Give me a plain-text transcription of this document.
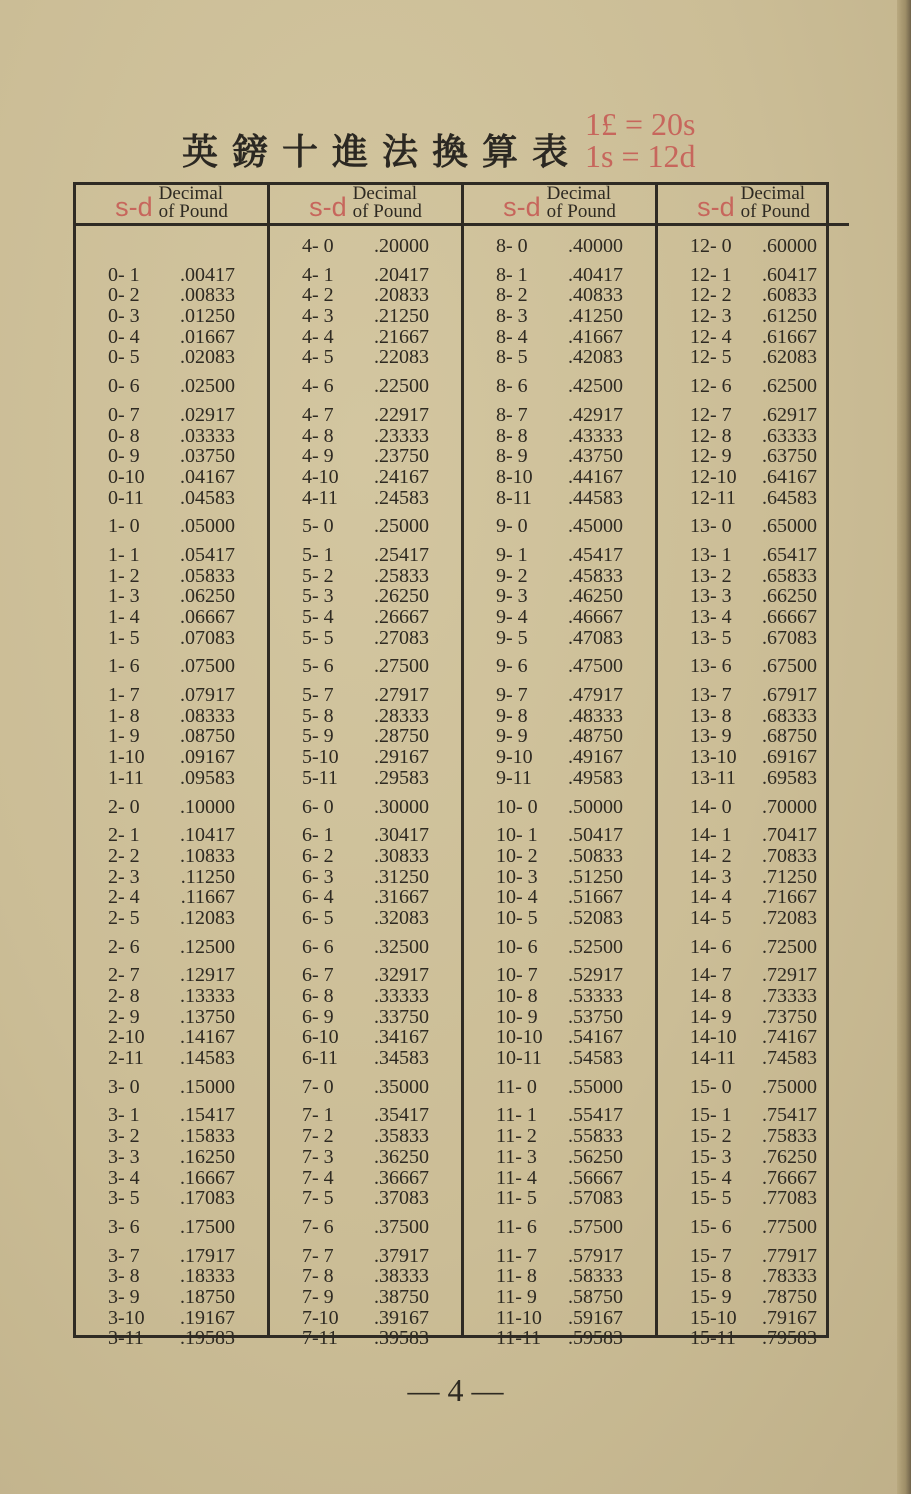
英鎊十進法換算表
1£ = 20s
1s = 12d
s-d Decimal
of Pound
0- 1	.00417
0- 2	.00833
0- 3	.01250
0- 4	.01667
0- 5	.02083
0- 6	.02500
0- 7	.02917
0- 8	.03333
0- 9	.03750
0-10	.04167
0-11	.04583
1- 0	.05000
1- 1	.05417
1- 2	.05833
1- 3	.06250
1- 4	.06667
1- 5	.07083
1- 6	.07500
1- 7	.07917
1- 8	.08333
1- 9	.08750
1-10	.09167
1-11	.09583
2- 0	.10000
2- 1	.10417
2- 2	.10833
2- 3	.11250
2- 4	.11667
2- 5	.12083
2- 6	.12500
2- 7	.12917
2- 8	.13333
2- 9	.13750
2-10	.14167
2-11	.14583
3- 0	.15000
3- 1	.15417
3- 2	.15833
3- 3	.16250
3- 4	.16667
3- 5	.17083
3- 6	.17500
3- 7	.17917
3- 8	.18333
3- 9	.18750
3-10	.19167
3-11	.19583
s-d Decimal
of Pound
4- 0	.20000
4- 1	.20417
4- 2	.20833
4- 3	.21250
4- 4	.21667
4- 5	.22083
4- 6	.22500
4- 7	.22917
4- 8	.23333
4- 9	.23750
4-10	.24167
4-11	.24583
5- 0	.25000
5- 1	.25417
5- 2	.25833
5- 3	.26250
5- 4	.26667
5- 5	.27083
5- 6	.27500
5- 7	.27917
5- 8	.28333
5- 9	.28750
5-10	.29167
5-11	.29583
6- 0	.30000
6- 1	.30417
6- 2	.30833
6- 3	.31250
6- 4	.31667
6- 5	.32083
6- 6	.32500
6- 7	.32917
6- 8	.33333
6- 9	.33750
6-10	.34167
6-11	.34583
7- 0	.35000
7- 1	.35417
7- 2	.35833
7- 3	.36250
7- 4	.36667
7- 5	.37083
7- 6	.37500
7- 7	.37917
7- 8	.38333
7- 9	.38750
7-10	.39167
7-11	.39583
s-d Decimal
of Pound
8- 0	.40000
8- 1	.40417
8- 2	.40833
8- 3	.41250
8- 4	.41667
8- 5	.42083
8- 6	.42500
8- 7	.42917
8- 8	.43333
8- 9	.43750
8-10	.44167
8-11	.44583
9- 0	.45000
9- 1	.45417
9- 2	.45833
9- 3	.46250
9- 4	.46667
9- 5	.47083
9- 6	.47500
9- 7	.47917
9- 8	.48333
9- 9	.48750
9-10	.49167
9-11	.49583
10- 0	.50000
10- 1	.50417
10- 2	.50833
10- 3	.51250
10- 4	.51667
10- 5	.52083
10- 6	.52500
10- 7	.52917
10- 8	.53333
10- 9	.53750
10-10	.54167
10-11	.54583
11- 0	.55000
11- 1	.55417
11- 2	.55833
11- 3	.56250
11- 4	.56667
11- 5	.57083
11- 6	.57500
11- 7	.57917
11- 8	.58333
11- 9	.58750
11-10	.59167
11-11	.59583
s-d Decimal
of Pound
12- 0	.60000
12- 1	.60417
12- 2	.60833
12- 3	.61250
12- 4	.61667
12- 5	.62083
12- 6	.62500
12- 7	.62917
12- 8	.63333
12- 9	.63750
12-10	.64167
12-11	.64583
13- 0	.65000
13- 1	.65417
13- 2	.65833
13- 3	.66250
13- 4	.66667
13- 5	.67083
13- 6	.67500
13- 7	.67917
13- 8	.68333
13- 9	.68750
13-10	.69167
13-11	.69583
14- 0	.70000
14- 1	.70417
14- 2	.70833
14- 3	.71250
14- 4	.71667
14- 5	.72083
14- 6	.72500
14- 7	.72917
14- 8	.73333
14- 9	.73750
14-10	.74167
14-11	.74583
15- 0	.75000
15- 1	.75417
15- 2	.75833
15- 3	.76250
15- 4	.76667
15- 5	.77083
15- 6	.77500
15- 7	.77917
15- 8	.78333
15- 9	.78750
15-10	.79167
15-11	.79583
— 4 —
